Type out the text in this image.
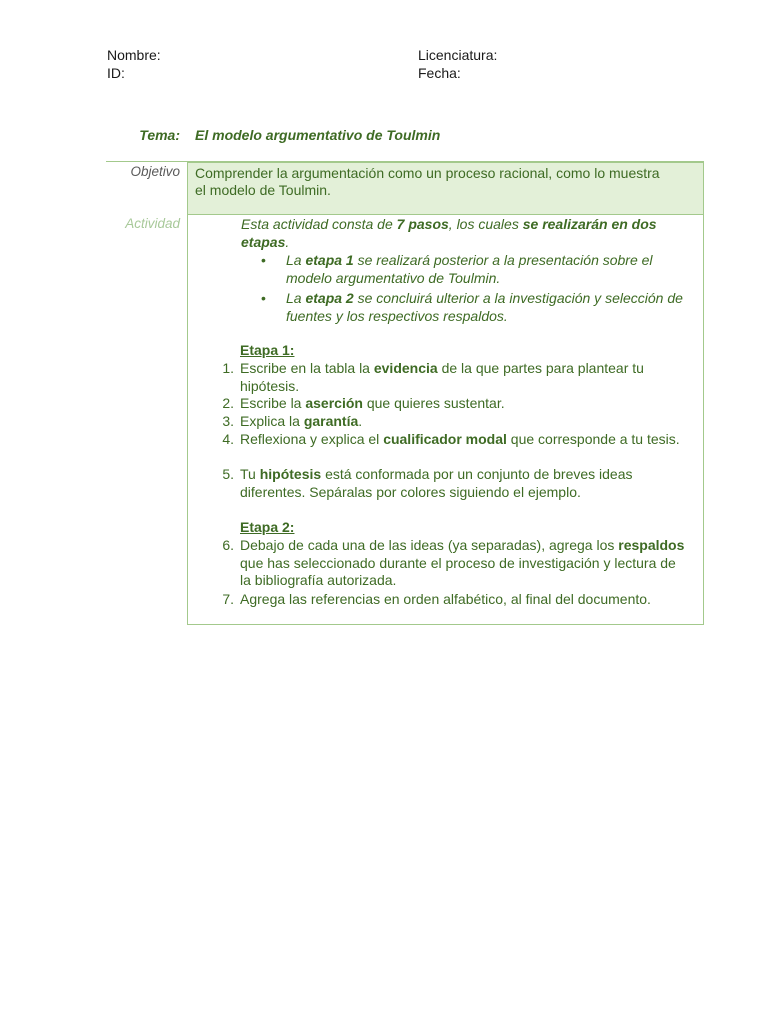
Nombre:
ID:
Licenciatura:
Fecha:
Tema: El modelo argumentativo de Toulmin
Objetivo Comprender la argumentación como un proceso racional, como lo muestra
el modelo de Toulmin.
Actividad	Esta actividad consta de 7 pasos, los cuales se realizarán en dos etapas.
• La etapa 1 se realizará posterior a la presentación sobre el modelo argumentativo de Toulmin.
• La etapa 2 se concluirá ulterior a la investigación y selección de fuentes y los respectivos respaldos.
Etapa 1:
1. Escribe en la tabla la evidencia de la que partes para plantear tu hipótesis.
2. Escribe la aserción que quieres sustentar.
3. Explica la garantía.
4. Reflexiona y explica el cualificador modal que corresponde a tu tesis.
5. Tu hipótesis está conformada por un conjunto de breves ideas diferentes. Sepáralas por colores siguiendo el ejemplo.
Etapa 2:
6. Debajo de cada una de las ideas (ya separadas), agrega los respaldos que has seleccionado durante el proceso de investigación y lectura de la bibliografía autorizada.
7. Agrega las referencias en orden alfabético, al final del documento.
